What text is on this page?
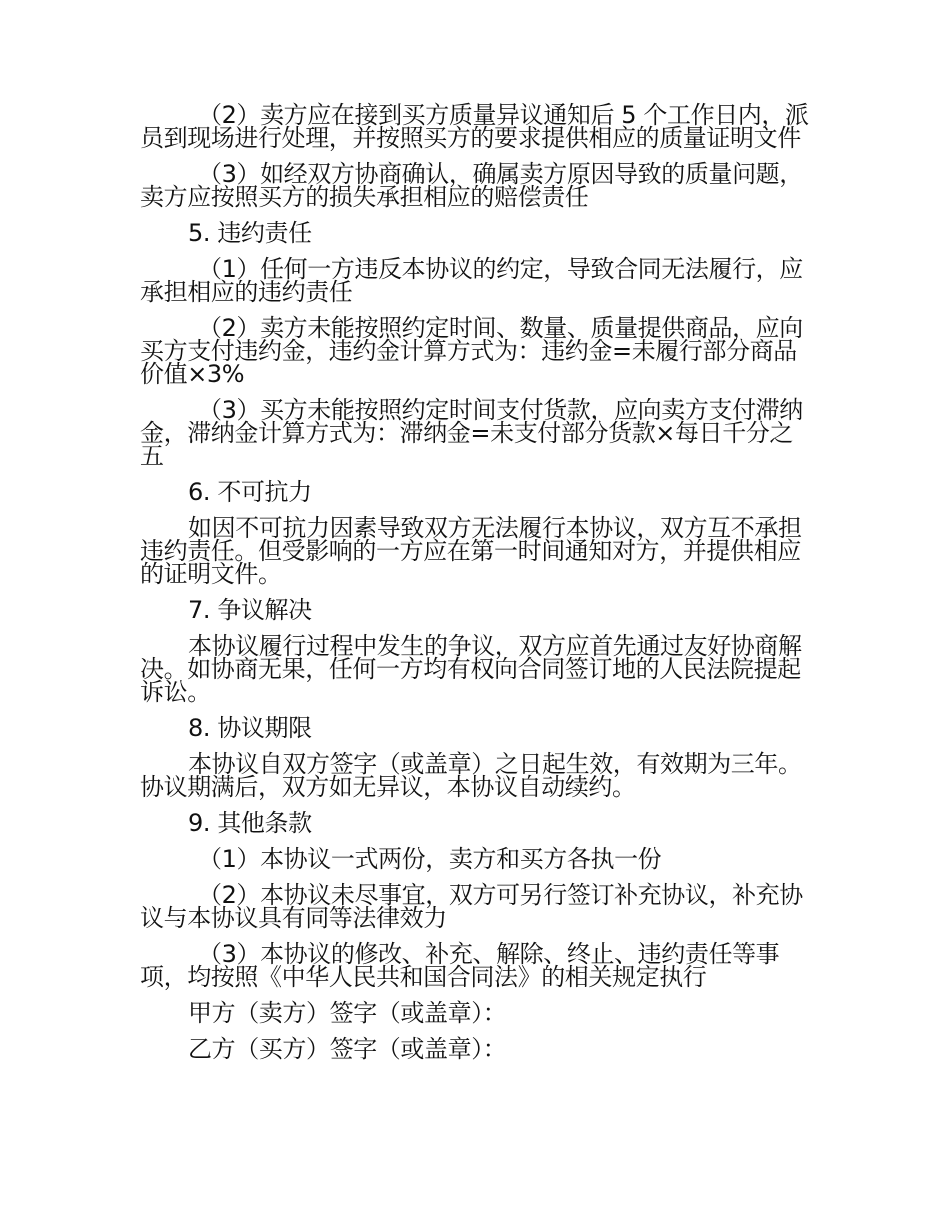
（2）卖方应在接到买方质量异议通知后 5 个工作日内，派员到现场进行处理，并按照买方的要求提供相应的质量证明文件

（3）如经双方协商确认，确属卖方原因导致的质量问题，卖方应按照买方的损失承担相应的赔偿责任

5. 违约责任

（1）任何一方违反本协议的约定，导致合同无法履行，应承担相应的违约责任

（2）卖方未能按照约定时间、数量、质量提供商品，应向买方支付违约金，违约金计算方式为：违约金=未履行部分商品价值×3%

（3）买方未能按照约定时间支付货款，应向卖方支付滞纳金，滞纳金计算方式为：滞纳金=未支付部分货款×每日千分之五

6. 不可抗力

如因不可抗力因素导致双方无法履行本协议，双方互不承担违约责任。但受影响的一方应在第一时间通知对方，并提供相应的证明文件。

7. 争议解决

本协议履行过程中发生的争议，双方应首先通过友好协商解决。如协商无果，任何一方均有权向合同签订地的人民法院提起诉讼。

8. 协议期限

本协议自双方签字（或盖章）之日起生效，有效期为三年。协议期满后，双方如无异议，本协议自动续约。

9. 其他条款

（1）本协议一式两份，卖方和买方各执一份

（2）本协议未尽事宜，双方可另行签订补充协议，补充协议与本协议具有同等法律效力

（3）本协议的修改、补充、解除、终止、违约责任等事项，均按照《中华人民共和国合同法》的相关规定执行

甲方（卖方）签字（或盖章）：

乙方（买方）签字（或盖章）：
